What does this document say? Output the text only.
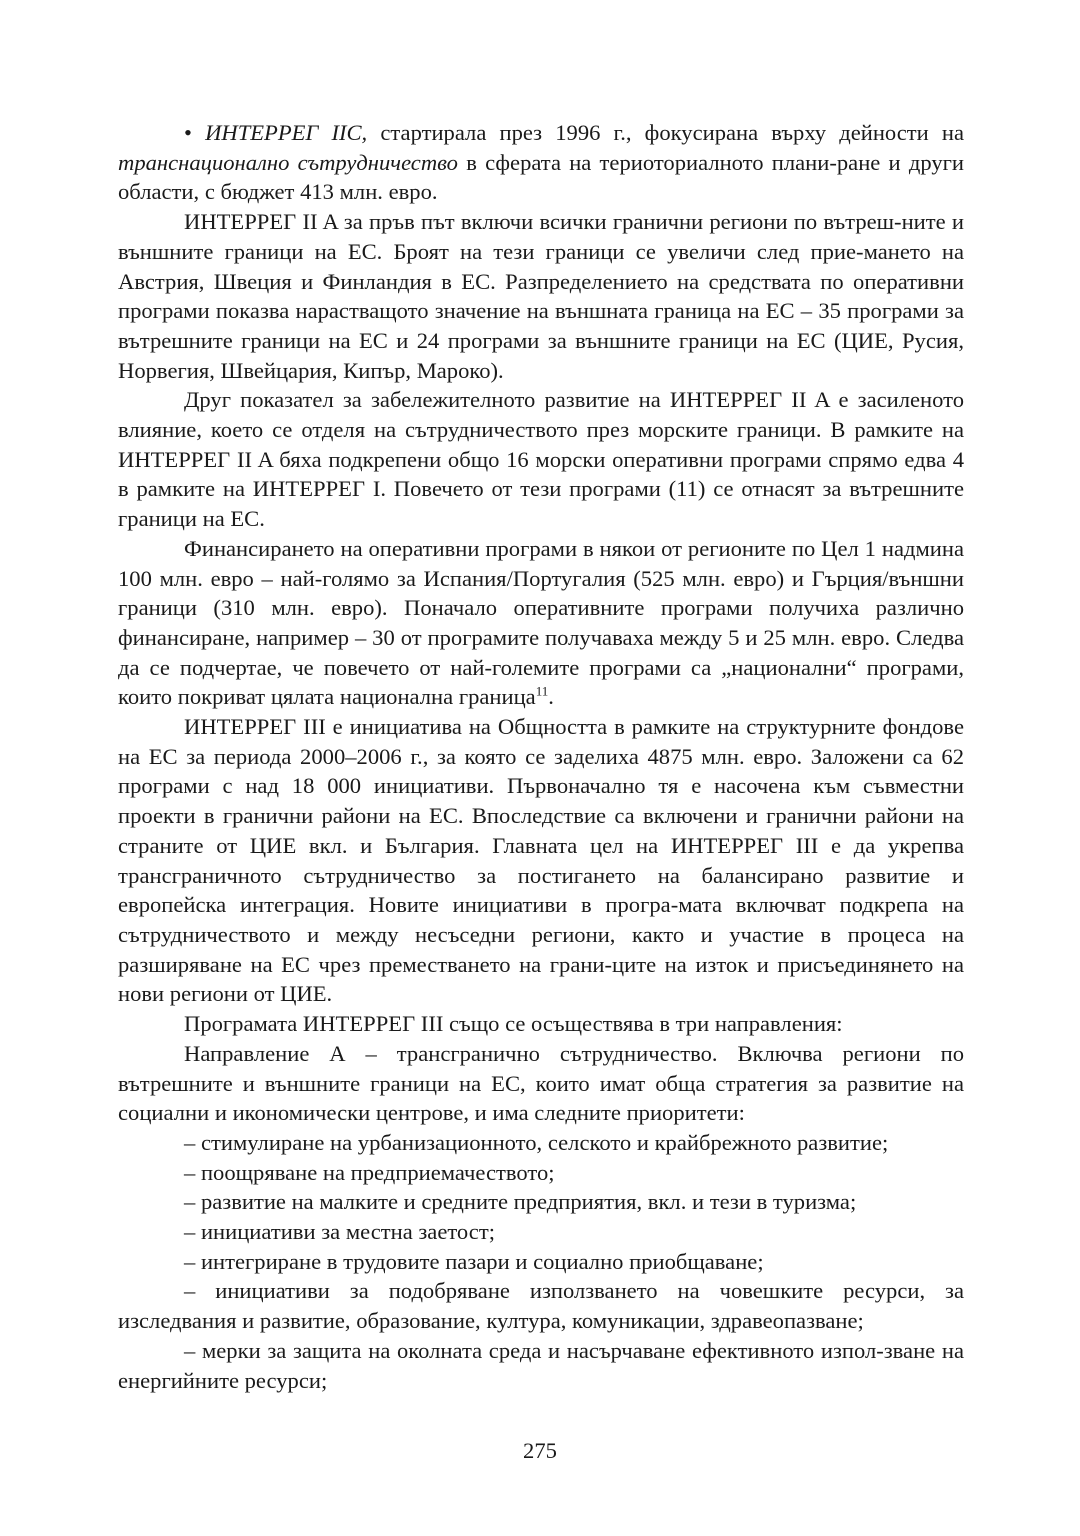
• ИНТЕРРЕГ IIC, стартирала през 1996 г., фокусирана върху дейности на транснационално сътрудничество в сферата на териоториалното плани-ране и други области, с бюджет 413 млн. евро.

ИНТЕРРЕГ II A за пръв път включи всички гранични региони по вътреш-ните и външните граници на ЕС. Броят на тези граници се увеличи след прие-мането на Австрия, Швеция и Финландия в ЕС. Разпределението на средствата по оперативни програми показва нарастващото значение на външната граница на ЕС – 35 програми за вътрешните граници на ЕС и 24 програми за външните граници на ЕС (ЦИЕ, Русия, Норвегия, Швейцария, Кипър, Мароко).

Друг показател за забележителното развитие на ИНТЕРРЕГ II A е засиленото влияние, което се отделя на сътрудничеството през морските граници. В рамките на ИНТЕРРЕГ II A бяха подкрепени общо 16 морски оперативни програми спрямо едва 4 в рамките на ИНТЕРРЕГ I. Повечето от тези програми (11) се отнасят за вътрешните граници на ЕС.

Финансирането на оперативни програми в някои от регионите по Цел 1 надмина 100 млн. евро – най-голямо за Испания/Португалия (525 млн. евро) и Гърция/външни граници (310 млн. евро). Поначало оперативните програми получиха различно финансиране, например – 30 от програмите получаваха между 5 и 25 млн. евро. Следва да се подчертае, че повечето от най-големите програми са „национални“ програми, които покриват цялата национална граница$^{11}$.

ИНТЕРРЕГ III е инициатива на Общността в рамките на структурните фондове на ЕС за периода 2000–2006 г., за която се заделиха 4875 млн. евро. Заложени са 62 програми с над 18 000 инициативи. Първоначално тя е насочена към съвместни проекти в гранични райони на ЕС. Впоследствие са включени и гранични райони на страните от ЦИЕ вкл. и България. Главната цел на ИНТЕРРЕГ III е да укрепва трансграничното сътрудничество за постигането на балансирано развитие и европейска интеграция. Новите инициативи в програ-мата включват подкрепа на сътрудничеството и между несъседни региони, както и участие в процеса на разширяване на ЕС чрез преместването на грани-ците на изток и присъединянето на нови региони от ЦИЕ.

Програмата ИНТЕРРЕГ III също се осъществява в три направления:

Направление А – трансгранично сътрудничество. Включва региони по вътрешните и външните граници на ЕС, които имат обща стратегия за развитие на социални и икономически центрове, и има следните приоритети:

– стимулиране на урбанизационното, селското и крайбрежното развитие;

– поощряване на предприемачеството;

– развитие на малките и средните предприятия, вкл. и тези в туризма;

– инициативи за местна заетост;

– интегриране в трудовите пазари и социално приобщаване;

– инициативи за подобряване използването на човешките ресурси, за изследвания и развитие, образование, култура, комуникации, здравеопазване;

– мерки за защита на околната среда и насърчаване ефективното изпол-зване на енергийните ресурси;

275
